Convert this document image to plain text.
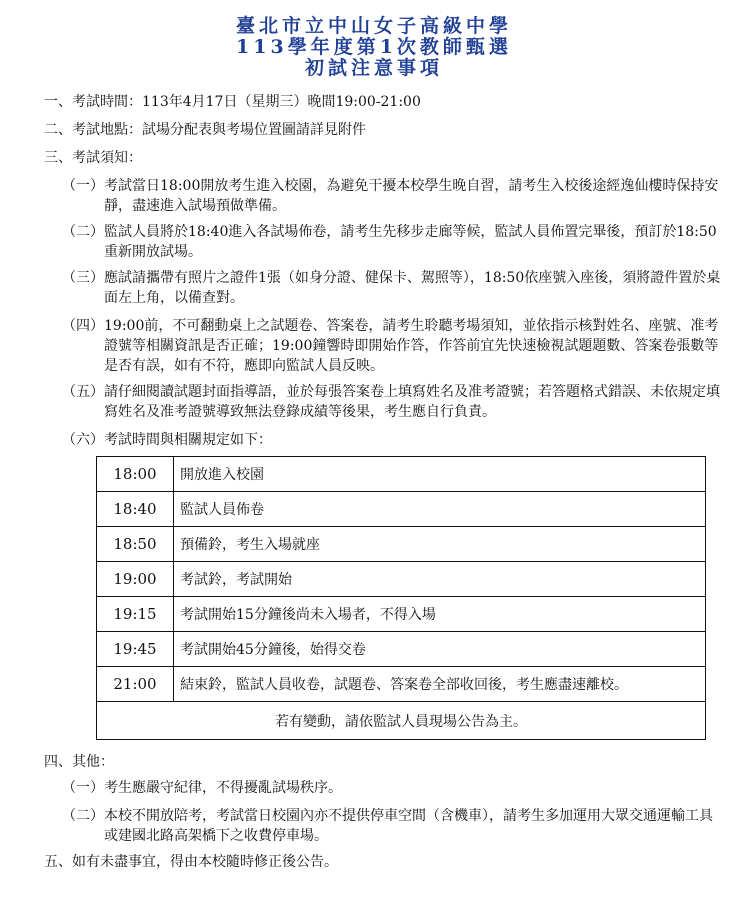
臺北市立中山女子高級中學
113學年度第1次教師甄選
初試注意事項
一、考試時間：113年4月17日（星期三）晚間19:00-21:00
二、考試地點：試場分配表與考場位置圖請詳見附件
三、考試須知：
（一） 考試當日18:00開放考生進入校園，為避免干擾本校學生晚自習，請考生入校後途經逸仙樓時保持安靜，盡速進入試場預做準備。
（二） 監試人員將於18:40進入各試場佈卷，請考生先移步走廊等候，監試人員佈置完畢後，預訂於18:50重新開放試場。
（三） 應試請攜帶有照片之證件1張（如身分證、健保卡、駕照等），18:50依座號入座後，須將證件置於桌面左上角，以備查對。
（四） 19:00前，不可翻動桌上之試題卷、答案卷，請考生聆聽考場須知，並依指示核對姓名、座號、准考證號等相關資訊是否正確；19:00鐘響時即開始作答，作答前宜先快速檢視試題題數、答案卷張數等是否有誤，如有不符，應即向監試人員反映。
（五） 請仔細閱讀試題封面指導語，並於每張答案卷上填寫姓名及准考證號；若答題格式錯誤、未依規定填寫姓名及准考證號導致無法登錄成績等後果，考生應自行負責。
（六） 考試時間與相關規定如下：
18:00	開放進入校園
18:40	監試人員佈卷
18:50	預備鈴，考生入場就座
19:00	考試鈴，考試開始
19:15	考試開始15分鐘後尚未入場者，不得入場
19:45	考試開始45分鐘後，始得交卷
21:00	結束鈴，監試人員收卷，試題卷、答案卷全部收回後，考生應盡速離校。
若有變動，請依監試人員現場公告為主。	
四、其他：
（一） 考生應嚴守紀律，不得擾亂試場秩序。
（二） 本校不開放陪考，考試當日校園內亦不提供停車空間（含機車），請考生多加運用大眾交通運輸工具或建國北路高架橋下之收費停車場。
五、如有未盡事宜，得由本校隨時修正後公告。
